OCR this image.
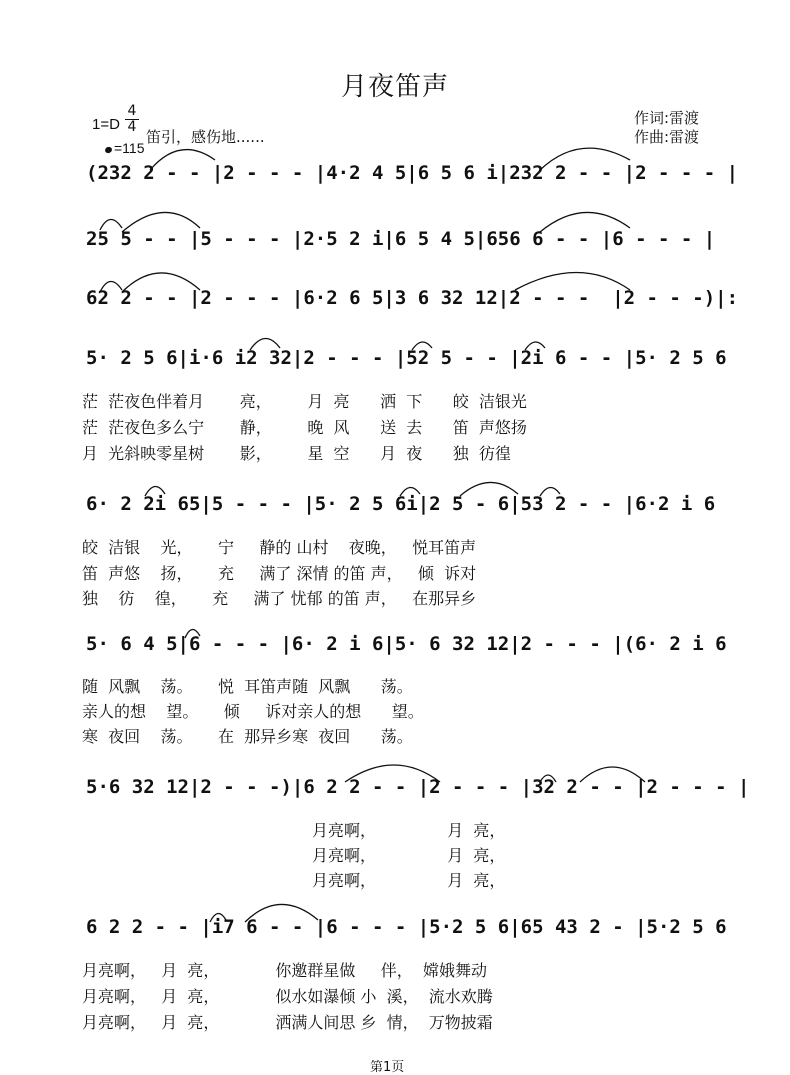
月夜笛声
作词:雷渡
作曲:雷渡
1=D
4
4
=115
笛引，感伤地......
(232 2 - - |2 - - - |4·2 4 5|6 5 6 i|232 2 - - |2 - - - |
25 5 - - |5 - - - |2·5 2 i|6 5 4 5|656 6 - - |6 - - - |
62 2 - - |2 - - - |6·2 6 5|3 6 32 12|2 - - -  |2 - - -)|:
5· 2 5 6|i·6 i2 32|2 - - - |52 5 - - |2i 6 - - |5· 2 5 6
6· 2 2i 65|5 - - - |5· 2 5 6i|2 5 - 6|53 2 - - |6·2 i 6
5· 6 4 5|6 - - - |6· 2 i 6|5· 6 32 12|2 - - - |(6· 2 i 6
5·6 32 12|2 - - -)|6 2 2 - - |2 - - - |32 2 - - |2 - - - |
6 2 2 - - |i7 6 - - |6 - - - |5·2 5 6|65 43 2 - |5·2 5 6
茫  茫夜色伴着月       亮，       月  亮      洒  下      皎  洁银光
茫  茫夜色多么宁       静，       晚  风      送  去      笛  声悠扬
月  光斜映零星树       影，       星  空      月  夜      独  彷徨
皎  洁银    光，     宁     静的 山村    夜晚，   悦耳笛声
笛  声悠    扬，     充     满了 深情 的笛 声，   倾  诉对
独    彷    徨，     充     满了 忧郁 的笛 声，   在那异乡
随  风飘    荡。     悦  耳笛声随  风飘      荡。
亲人的想    望。     倾     诉对亲人的想      望。
寒  夜回    荡。     在  那异乡寒  夜回      荡。
月亮啊，              月  亮，
月亮啊，              月  亮，
月亮啊，              月  亮，
月亮啊，   月  亮，           你邀群星做     伴，  嫦娥舞动
月亮啊，   月  亮，           似水如瀑倾 小  溪，  流水欢腾
月亮啊，   月  亮，           洒满人间思 乡  情，  万物披霜
第1页
